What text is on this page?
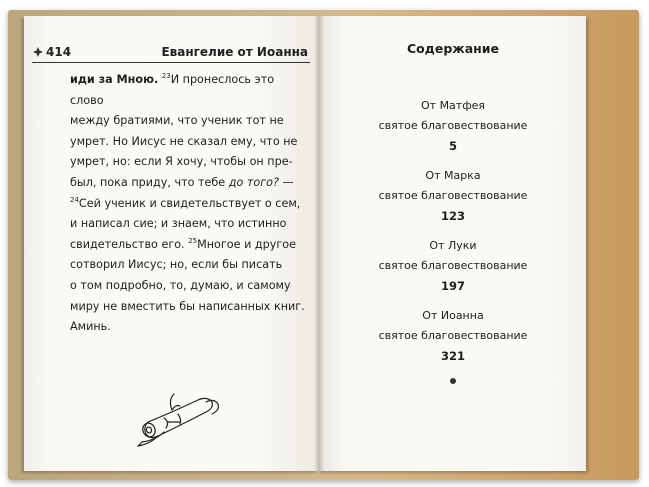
414	Евангелие от Иоанна
иди за Мною. $^{23}$И пронеслось это слово
между братиями, что ученик тот не
умрет. Но Иисус не сказал ему, что не
умрет, но: если Я хочу, чтобы он пре-
был, пока приду, что тебе до того? —
$^{24}$Сей ученик и свидетельствует о сем,
и написал сие; и знаем, что истинно
свидетельство его. $^{25}$Многое и другое
сотворил Иисус; но, если бы писать
о том подробно, то, думаю, и самому
миру не вместить бы написанных книг.
Аминь.
Содержание
От Матфея
святое благовествование
5
От Марка
святое благовествование
123
От Луки
святое благовествование
197
От Иоанна
святое благовествование
321
